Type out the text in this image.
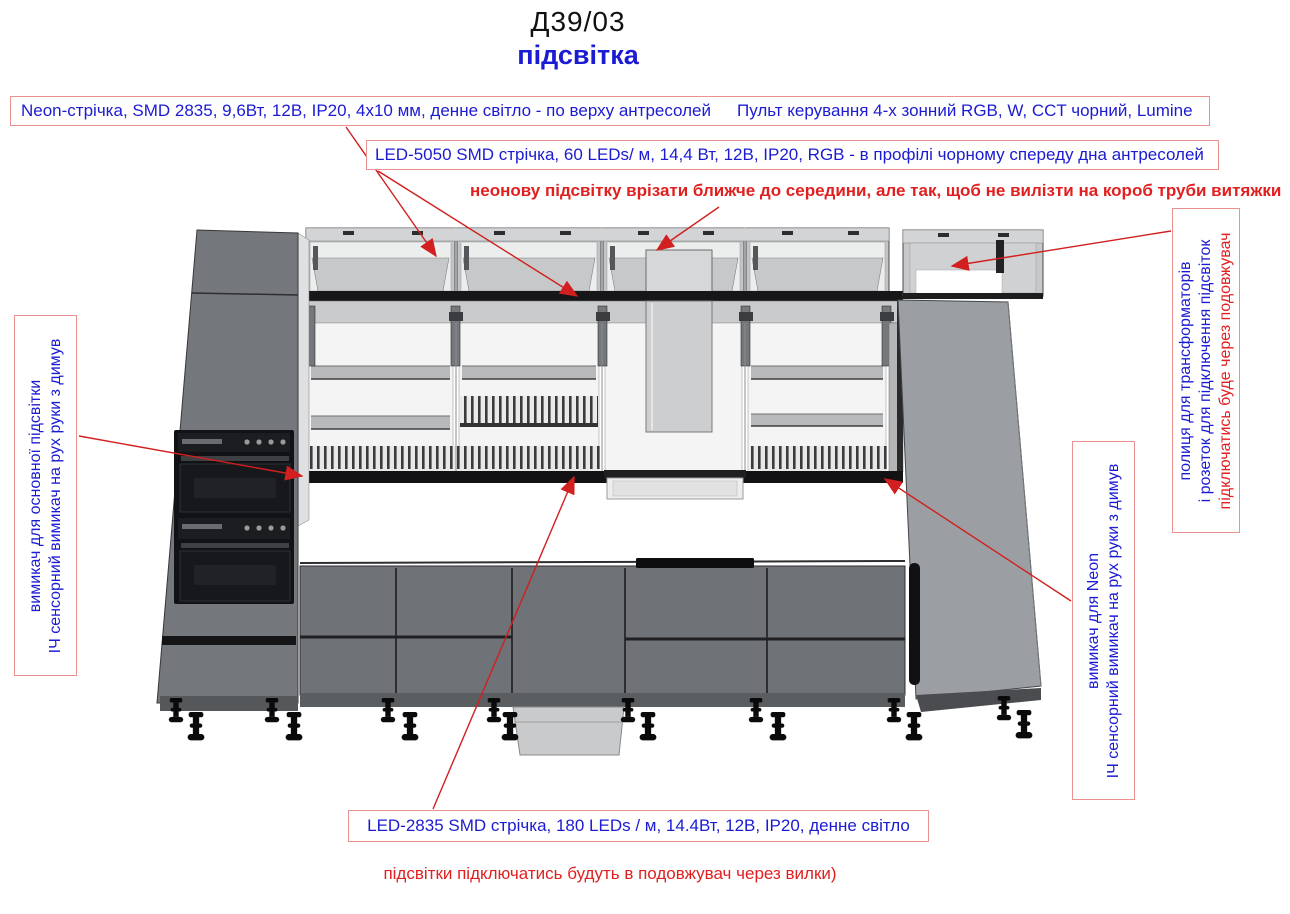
Д39/03
підсвітка
Neon-стрічка, SMD 2835, 9,6Вт, 12В, IP20, 4x10 мм, денне світло - по верху антресолей Пульт керування 4-х зонний RGB, W, CCT чорний, Lumine
LED-5050 SMD стрічка, 60 LEDs/ м, 14,4 Вт, 12В, IP20, RGB - в профілі чорному спереду дна антресолей
неонову підсвітку врізати ближче до середини, але так, щоб не вилізти на короб труби витяжки
вимикач для основної підсвітки ІЧ сенсорний вимикач на рух руки з димув	полиця для трансформаторів і розеток для підключення підсвіток підключатись буде через подовжувач
вимикач для Neon ІЧ сенсорний вимикач на рух руки з димув
LED-2835 SMD стрічка, 180 LEDs / м, 14.4Вт, 12В, IP20, денне світло
підсвітки підключатись будуть в подовжувач через вилки)
